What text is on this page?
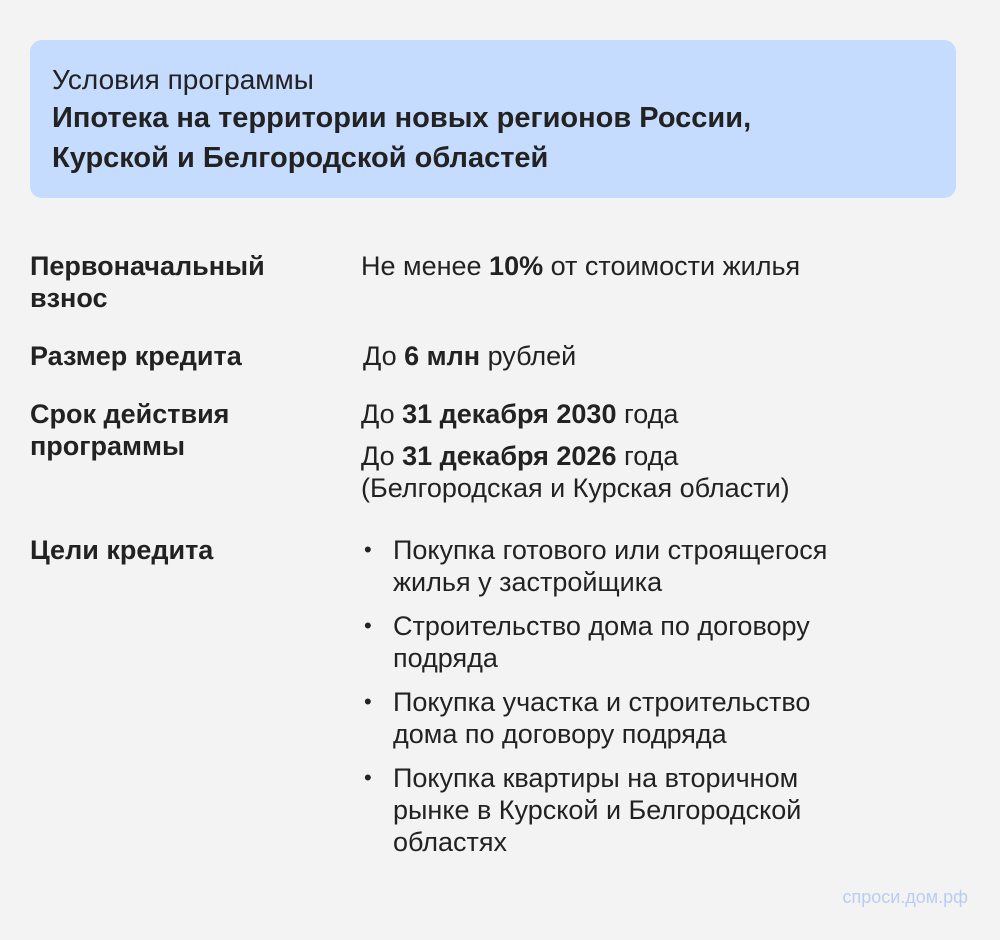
Условия программы

Ипотека на территории новых регионов России,

Курской и Белгородской областей

Первоначальный
взнос
Не менее 10% от стоимости жилья
Размер кредита	До 6 млн рублей
Срок действия
программы
До 31 декабря 2030 года
До 31 декабря 2026 года
(Белгородская и Курская области)
Цели кредита	• Покупка готового или строящегося
жилья у застройщика
• Строительство дома по договору
подряда
• Покупка участка и строительство
дома по договору подряда
• Покупка квартиры на вторичном
рынке в Курской и Белгородской
областях
спроси.дом.рф
